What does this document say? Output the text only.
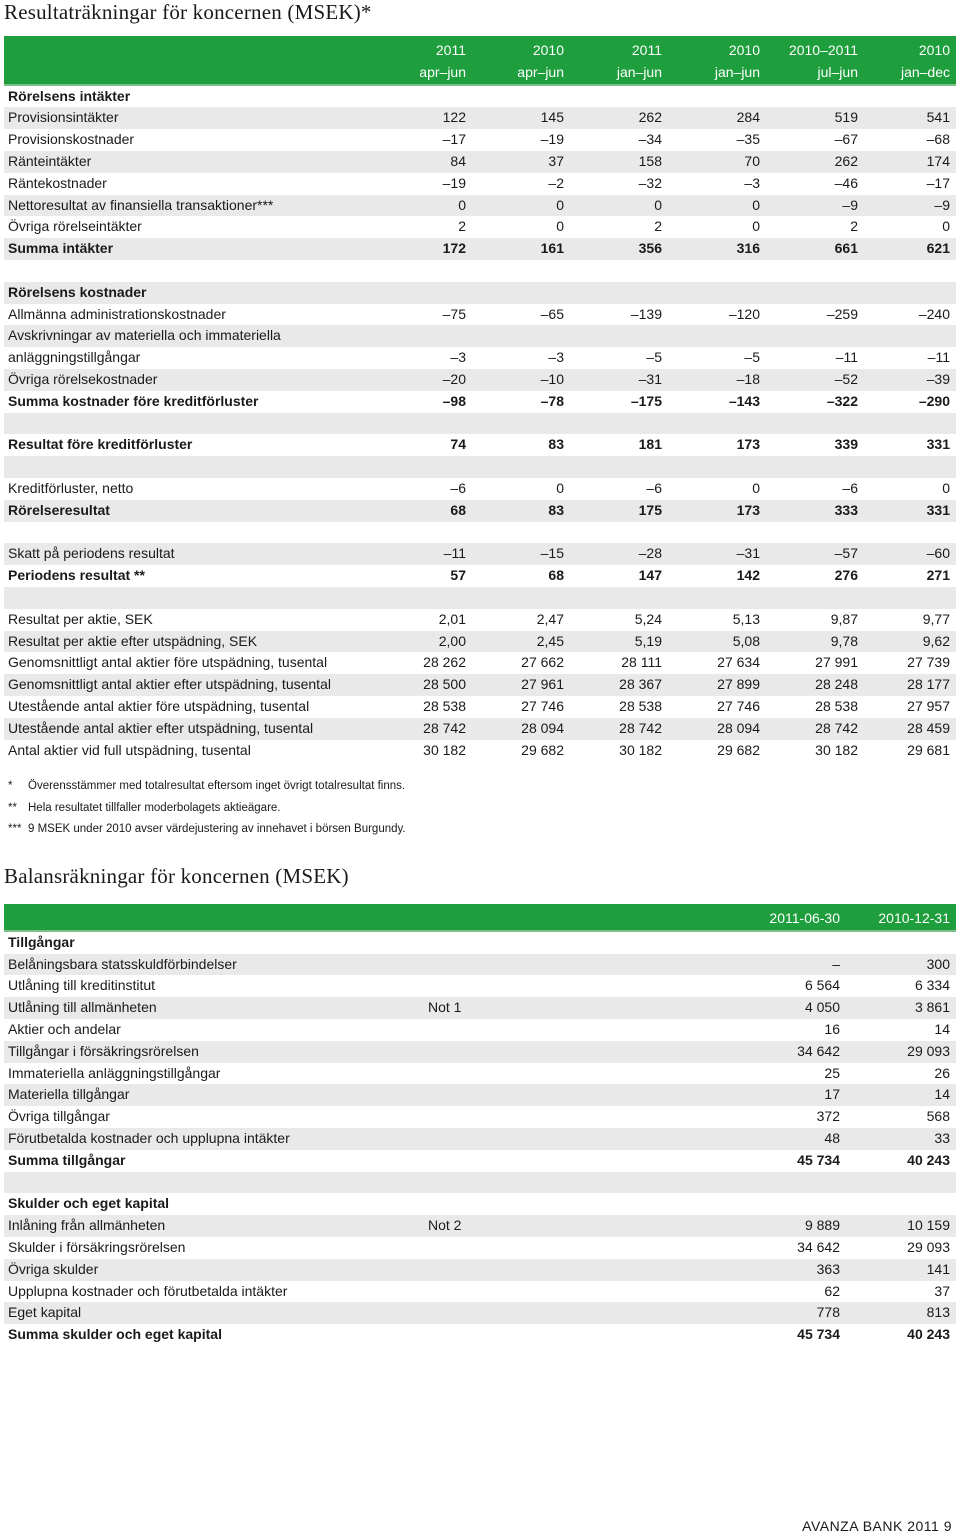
Resultaträkningar för koncernen (MSEK)*
	2011	2010	2011	2010	2010–2011	2010
	apr–jun	apr–jun	jan–jun	jan–jun	jul–jun	jan–dec
Rörelsens intäkter						
Provisionsintäkter	122	145	262	284	519	541
Provisionskostnader	–17	–19	–34	–35	–67	–68
Ränteintäkter	84	37	158	70	262	174
Räntekostnader	–19	–2	–32	–3	–46	–17
Nettoresultat av finansiella transaktioner***	0	0	0	0	–9	–9
Övriga rörelseintäkter	2	0	2	0	2	0
Summa intäkter	172	161	356	316	661	621

Rörelsens kostnader						
Allmänna administrationskostnader	–75	–65	–139	–120	–259	–240
Avskrivningar av materiella och immateriella						
anläggningstillgångar	–3	–3	–5	–5	–11	–11
Övriga rörelsekostnader	–20	–10	–31	–18	–52	–39
Summa kostnader före kreditförluster	–98	–78	–175	–143	–322	–290

Resultat före kreditförluster	74	83	181	173	339	331

Kreditförluster, netto	–6	0	–6	0	–6	0
Rörelseresultat	68	83	175	173	333	331

Skatt på periodens resultat	–11	–15	–28	–31	–57	–60
Periodens resultat **	57	68	147	142	276	271

Resultat per aktie, SEK	2,01	2,47	5,24	5,13	9,87	9,77
Resultat per aktie efter utspädning, SEK	2,00	2,45	5,19	5,08	9,78	9,62
Genomsnittligt antal aktier före utspädning, tusental	28 262	27 662	28 111	27 634	27 991	27 739
Genomsnittligt antal aktier efter utspädning, tusental	28 500	27 961	28 367	27 899	28 248	28 177
Utestående antal aktier före utspädning, tusental	28 538	27 746	28 538	27 746	28 538	27 957
Utestående antal aktier efter utspädning, tusental	28 742	28 094	28 742	28 094	28 742	28 459
Antal aktier vid full utspädning, tusental	30 182	29 682	30 182	29 682	30 182	29 681
* Överensstämmer med totalresultat eftersom inget övrigt totalresultat finns.
** Hela resultatet tillfaller moderbolagets aktieägare.
*** 9 MSEK under 2010 avser värdejustering av innehavet i börsen Burgundy.
Balansräkningar för koncernen (MSEK)
		2011-06-30	2010-12-31
Tillgångar			
Belåningsbara statsskuldförbindelser		–	300
Utlåning till kreditinstitut		6 564	6 334
Utlåning till allmänheten	Not 1	4 050	3 861
Aktier och andelar		16	14
Tillgångar i försäkringsrörelsen		34 642	29 093
Immateriella anläggningstillgångar		25	26
Materiella tillgångar		17	14
Övriga tillgångar		372	568
Förutbetalda kostnader och upplupna intäkter		48	33
Summa tillgångar		45 734	40 243

Skulder och eget kapital			
Inlåning från allmänheten	Not 2	9 889	10 159
Skulder i försäkringsrörelsen		34 642	29 093
Övriga skulder		363	141
Upplupna kostnader och förutbetalda intäkter		62	37
Eget kapital		778	813
Summa skulder och eget kapital		45 734	40 243
AVANZA BANK 2011 9
